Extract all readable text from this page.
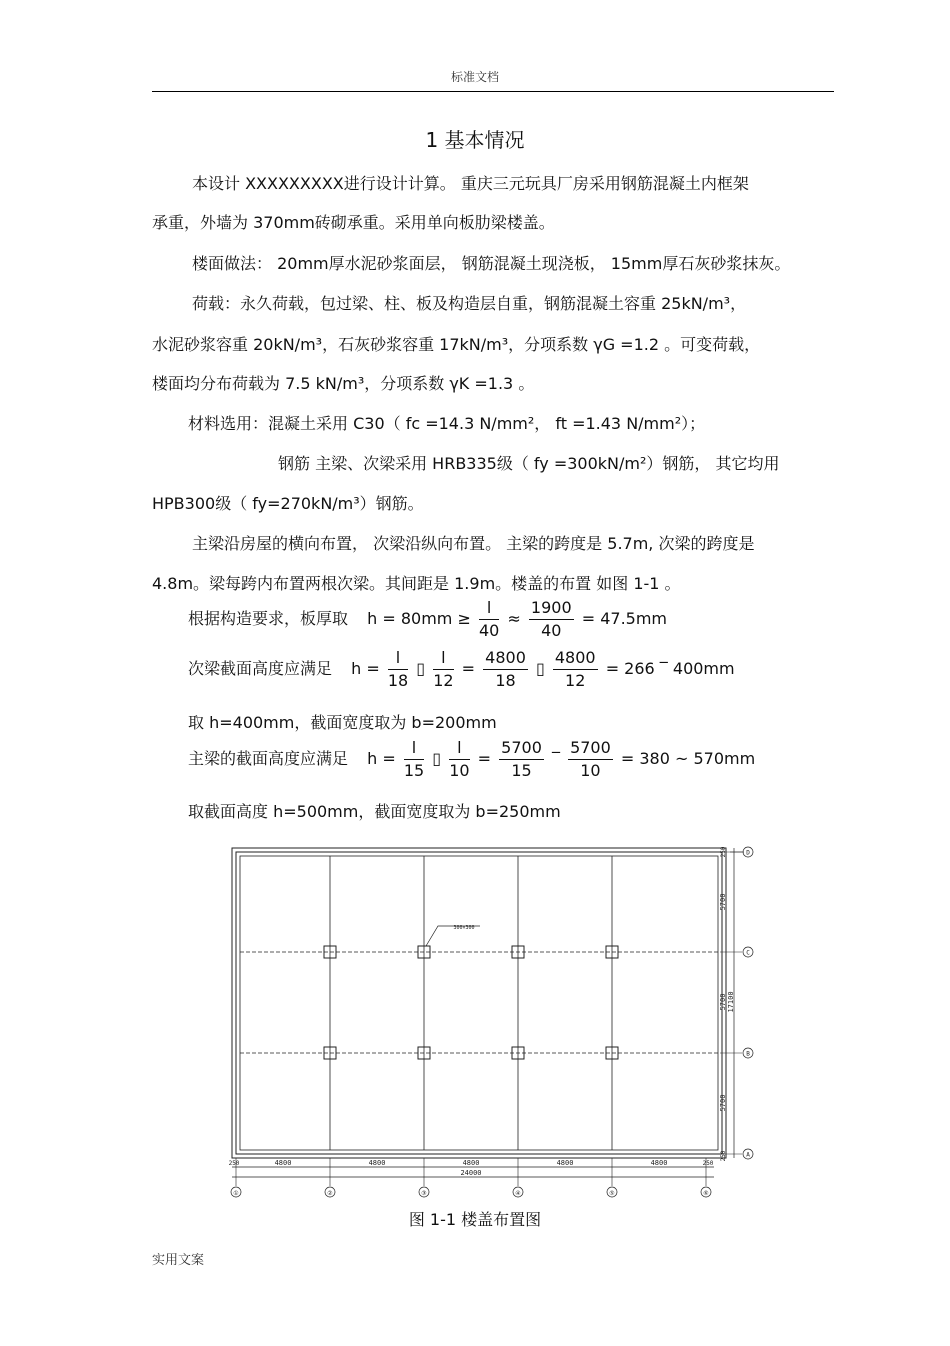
标准文档
1 基本情况
本设计 XXXXXXXXX进行设计计算。 重庆三元玩具厂房采用钢筋混凝土内框架
承重，外墙为 370mm砖砌承重。采用单向板肋梁楼盖。
楼面做法： 20mm厚水泥砂浆面层， 钢筋混凝土现浇板， 15mm厚石灰砂浆抹灰。
荷载：永久荷载，包过梁、柱、板及构造层自重，钢筋混凝土容重 25kN/m³，
水泥砂浆容重 20kN/m³，石灰砂浆容重 17kN/m³，分项系数 γG =1.2 。可变荷载，
楼面均分布荷载为 7.5 kN/m³，分项系数 γK =1.3 。
材料选用：混凝土采用 C30（ fc =14.3 N/mm²， ft =1.43 N/mm²）；
钢筋 主梁、次梁采用 HRB335级（ fy =300kN/m²）钢筋， 其它均用
HPB300级（ fy=270kN/m³）钢筋。
主梁沿房屋的横向布置， 次梁沿纵向布置。 主梁的跨度是 5.7m, 次梁的跨度是
4.8m。梁每跨内布置两根次梁。其间距是 1.9m。楼盖的布置 如图 1-1 。
根据构造要求，板厚取 $h = 80mm \ge \frac{l}{40} \approx \frac{1900}{40} = 47.5mm$
次梁截面高度应满足 $h = \frac{l}{18}$ ▯ $\frac{l}{12} = \frac{4800}{18}$ ▯ $\frac{4800}{12} = 266$ ‾ 400mm
取 h=400mm，截面宽度取为 b=200mm
主梁的截面高度应满足 $h = \frac{l}{15}$ ▯ $\frac{l}{10} = \frac{5700}{15}$ ‾ $\frac{5700}{10} = 380$ ~ 570mm
取截面高度 h=500mm，截面宽度取为 b=250mm
300×300
4800	4800	4800	4800	4800
24000
250	250
5700
5700
5700
17100
250
250
①	②	③	④	⑤	⑥
D
C
B
A
图 1-1 楼盖布置图
实用文案
